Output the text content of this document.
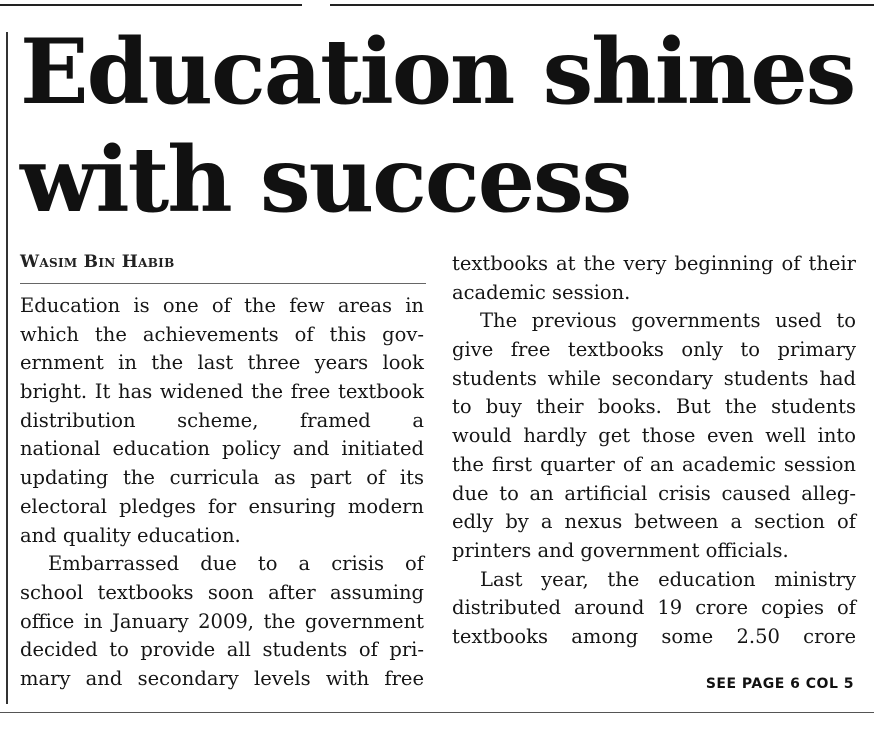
Education shines
with success
Wasim Bin Habib
Education is one of the few areas in
which the achievements of this gov-
ernment in the last three years look
bright. It has widened the free textbook
distribution scheme, framed a
national education policy and initiated
updating the curricula as part of its
electoral pledges for ensuring modern
and quality education.
Embarrassed due to a crisis of
school textbooks soon after assuming
office in January 2009, the government
decided to provide all students of pri-
mary and secondary levels with free
textbooks at the very beginning of their
academic session.
The previous governments used to
give free textbooks only to primary
students while secondary students had
to buy their books. But the students
would hardly get those even well into
the first quarter of an academic session
due to an artificial crisis caused alleg-
edly by a nexus between a section of
printers and government officials.
Last year, the education ministry
distributed around 19 crore copies of
textbooks among some 2.50 crore
SEE PAGE 6 COL 5
